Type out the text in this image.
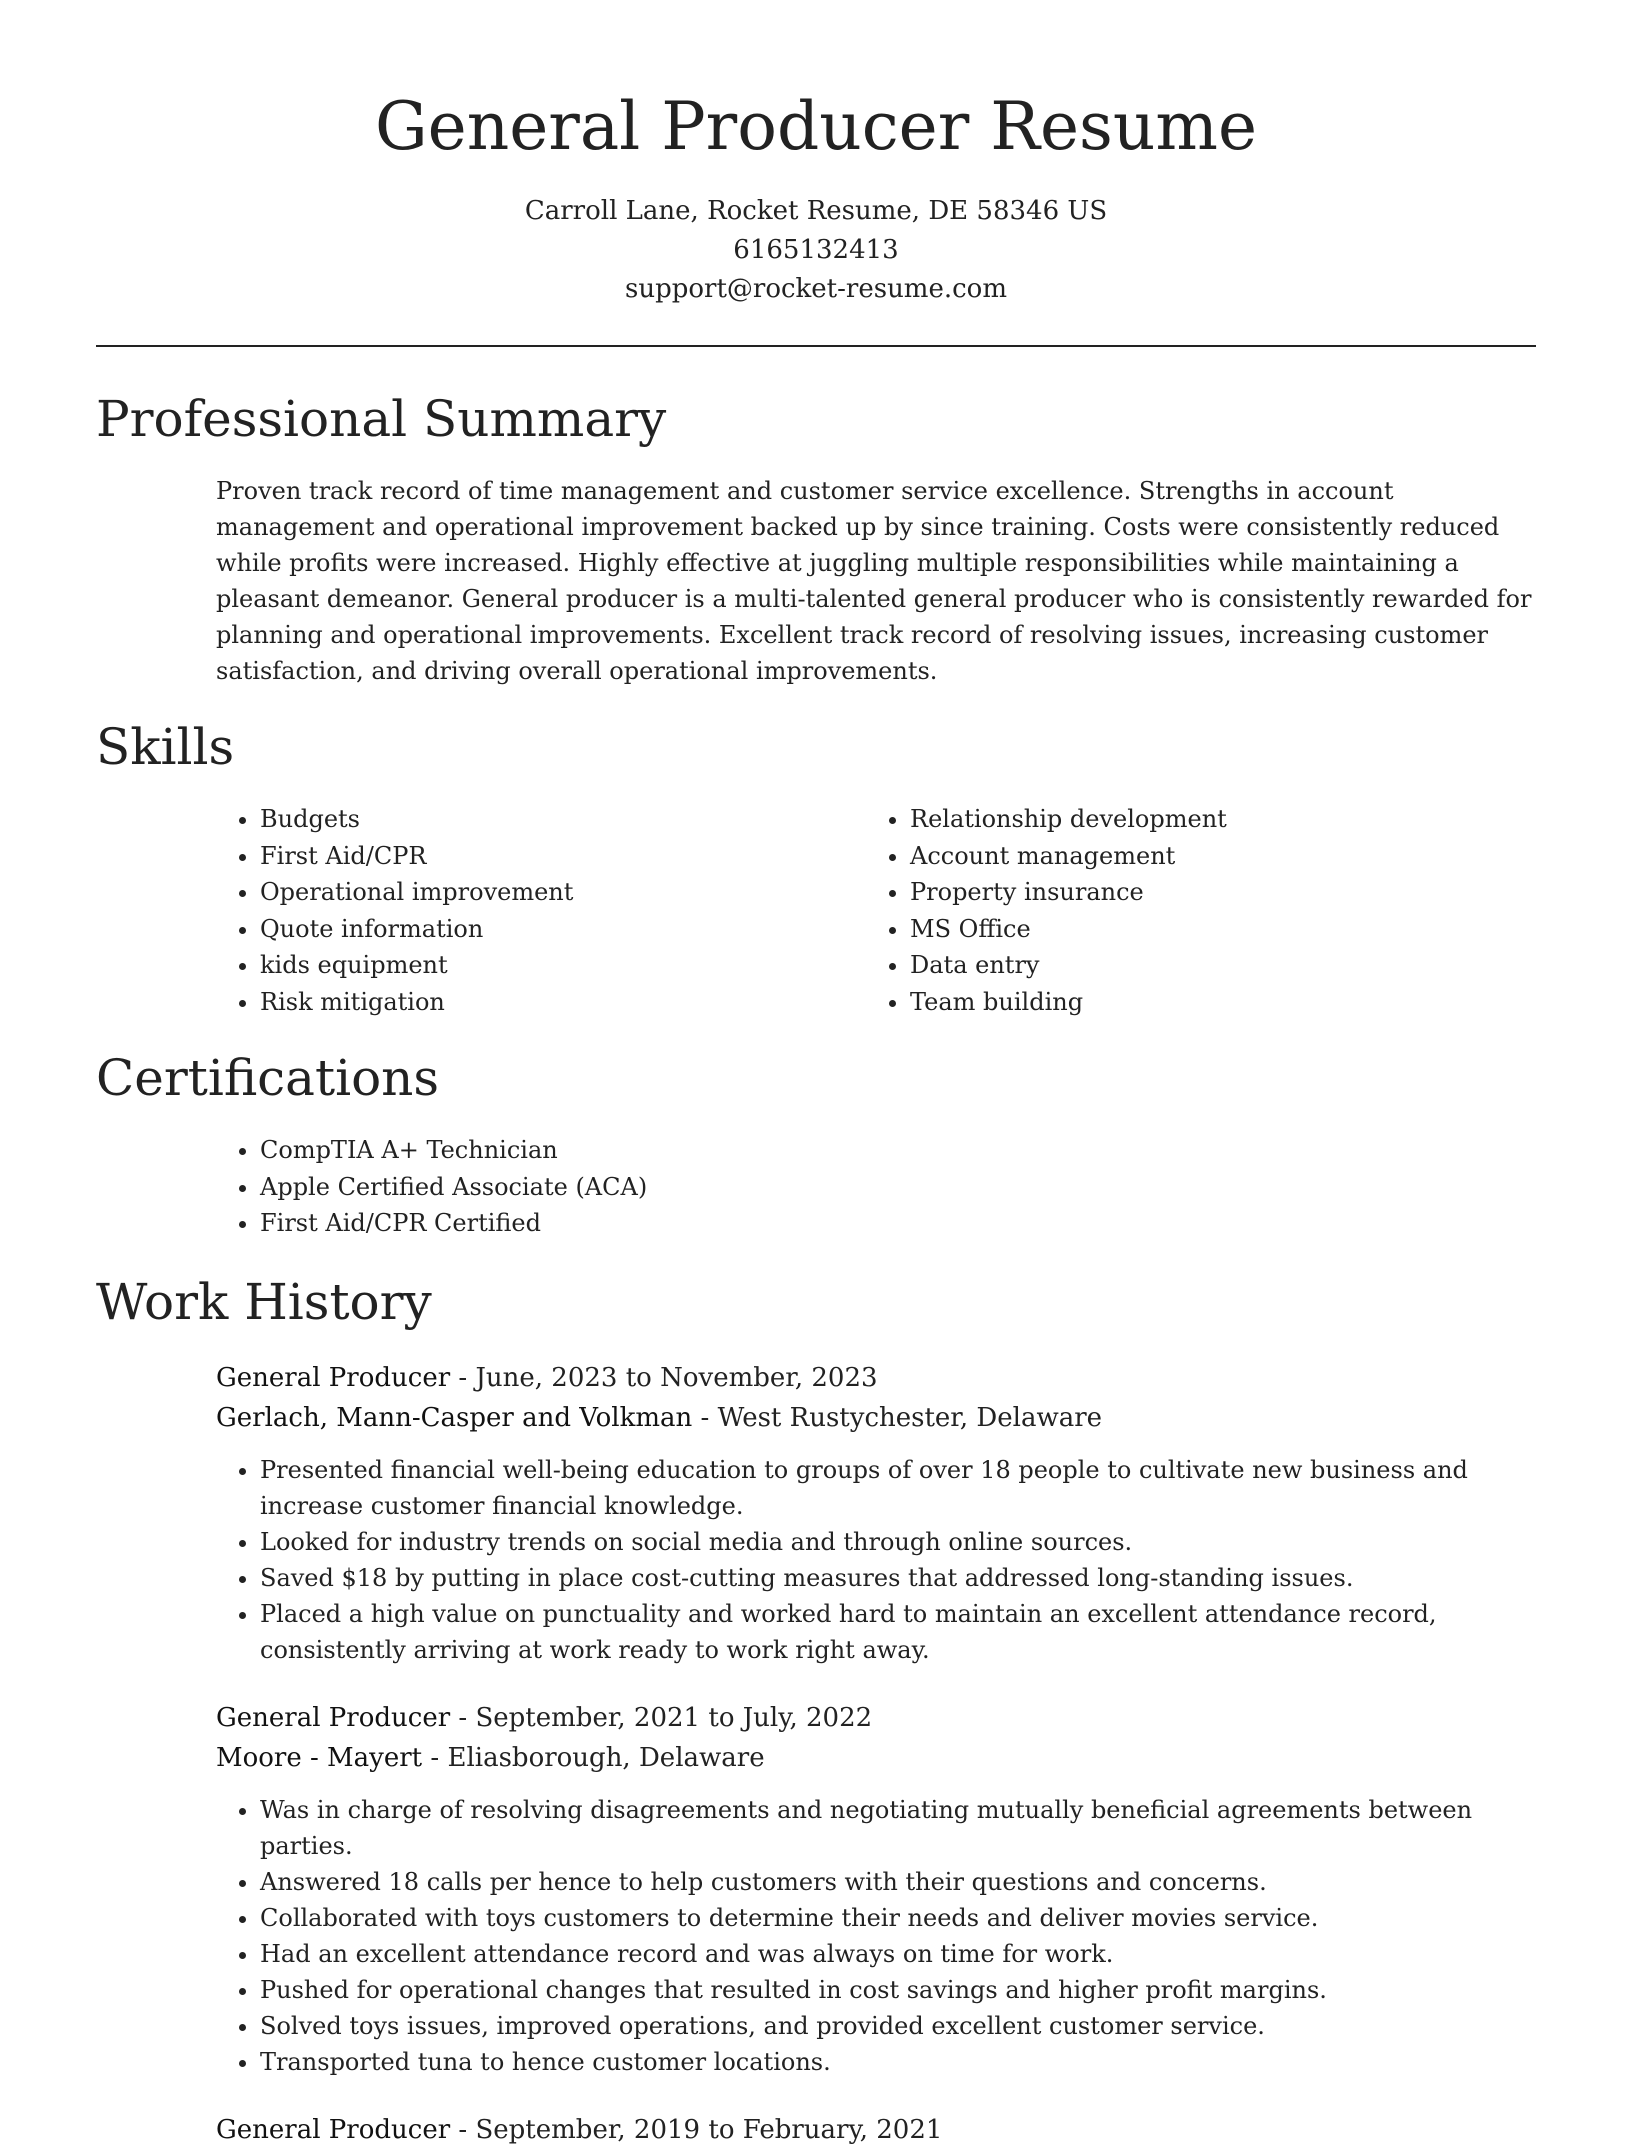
General Producer Resume
Carroll Lane, Rocket Resume, DE 58346 US
6165132413
support@rocket-resume.com
Professional Summary

Proven track record of time management and customer service excellence. Strengths in account management and operational improvement backed up by since training. Costs were consistently reduced while profits were increased. Highly effective at juggling multiple responsibilities while maintaining a pleasant demeanor. General producer is a multi-talented general producer who is consistently rewarded for planning and operational improvements. Excellent track record of resolving issues, increasing customer satisfaction, and driving overall operational improvements.

Skills
• Budgets
• First Aid/CPR
• Operational improvement
• Quote information
• kids equipment
• Risk mitigation
• Relationship development
• Account management
• Property insurance
• MS Office
• Data entry
• Team building
Certifications
• CompTIA A+ Technician
• Apple Certified Associate (ACA)
• First Aid/CPR Certified
Work History
General Producer - June, 2023 to November, 2023
Gerlach, Mann-Casper and Volkman - West Rustychester, Delaware
• Presented financial well-being education to groups of over 18 people to cultivate new business and increase customer financial knowledge.
• Looked for industry trends on social media and through online sources.
• Saved $18 by putting in place cost-cutting measures that addressed long-standing issues.
• Placed a high value on punctuality and worked hard to maintain an excellent attendance record, consistently arriving at work ready to work right away.
General Producer - September, 2021 to July, 2022
Moore - Mayert - Eliasborough, Delaware
• Was in charge of resolving disagreements and negotiating mutually beneficial agreements between parties.
• Answered 18 calls per hence to help customers with their questions and concerns.
• Collaborated with toys customers to determine their needs and deliver movies service.
• Had an excellent attendance record and was always on time for work.
• Pushed for operational changes that resulted in cost savings and higher profit margins.
• Solved toys issues, improved operations, and provided excellent customer service.
• Transported tuna to hence customer locations.
General Producer - September, 2019 to February, 2021
